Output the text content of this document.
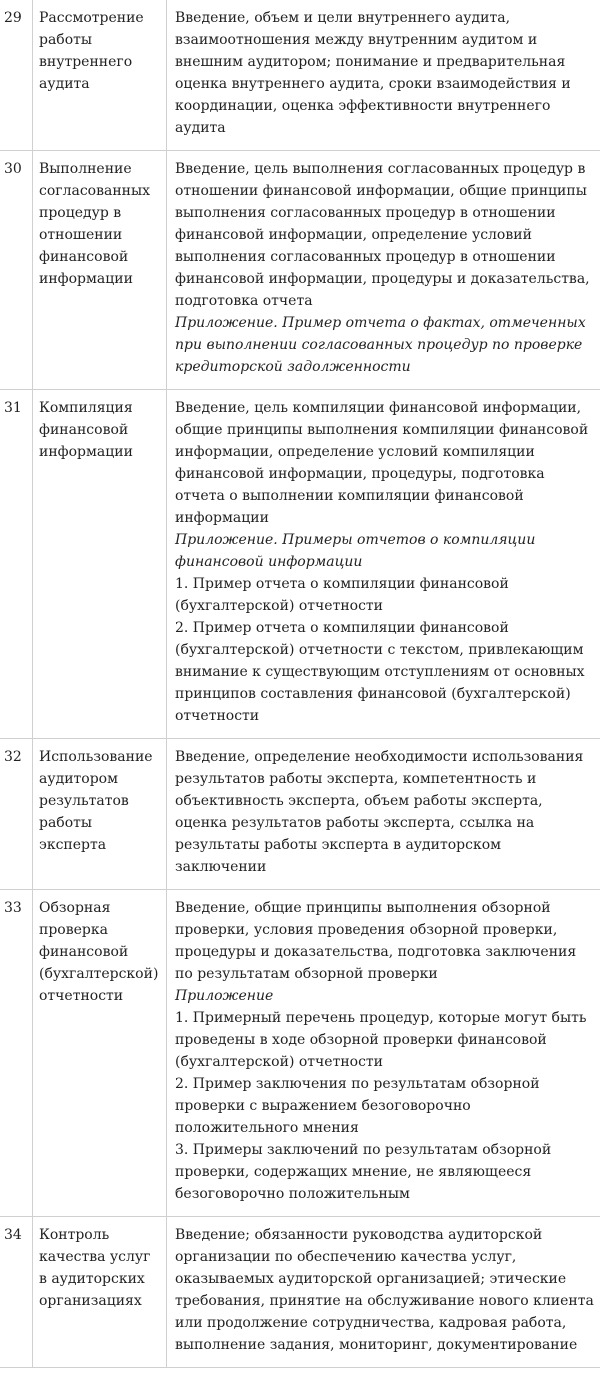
29	Рассмотрение работы внутреннего аудита	Введение, объем и цели внутреннего аудита, взаимоотношения между внутренним аудитом и внешним аудитором; понимание и предварительная оценка внутреннего аудита, сроки взаимодействия и координации, оценка эффективности внутреннего аудита

30	Выполнение согласованных процедур в отношении финансовой информации	Введение, цель выполнения согласованных процедур в отношении финансовой информации, общие принципы выполнения согласованных процедур в отношении финансовой информации, определение условий выполнения согласованных процедур в отношении финансовой информации, процедуры и доказательства, подготовка отчета
Приложение. Пример отчета о фактах, отмеченных при выполнении согласованных процедур по проверке кредиторской задолженности

31	Компиляция финансовой информации	Введение, цель компиляции финансовой информации, общие принципы выполнения компиляции финансовой информации, определение условий компиляции финансовой информации, процедуры, подготовка отчета о выполнении компиляции финансовой информации
Приложение. Примеры отчетов о компиляции финансовой информации
1. Пример отчета о компиляции финансовой (бухгалтерской) отчетности
2. Пример отчета о компиляции финансовой (бухгалтерской) отчетности с текстом, привлекающим внимание к существующим отступлениям от основных принципов составления финансовой (бухгалтерской) отчетности

32	Использование аудитором результатов работы эксперта	Введение, определение необходимости использования результатов работы эксперта, компетентность и объективность эксперта, объем работы эксперта, оценка результатов работы эксперта, ссылка на результаты работы эксперта в аудиторском заключении

33	Обзорная проверка финансовой (бухгалтерской) отчетности	Введение, общие принципы выполнения обзорной проверки, условия проведения обзорной проверки, процедуры и доказательства, подготовка заключения по результатам обзорной проверки
Приложение
1. Примерный перечень процедур, которые могут быть проведены в ходе обзорной проверки финансовой (бухгалтерской) отчетности
2. Пример заключения по результатам обзорной проверки с выражением безоговорочно положительного мнения
3. Примеры заключений по результатам обзорной проверки, содержащих мнение, не являющееся безоговорочно положительным

34	Контроль качества услуг в аудиторских организациях	Введение; обязанности руководства аудиторской организации по обеспечению качества услуг, оказываемых аудиторской организацией; этические требования, принятие на обслуживание нового клиента или продолжение сотрудничества, кадровая работа, выполнение задания, мониторинг, документирование
